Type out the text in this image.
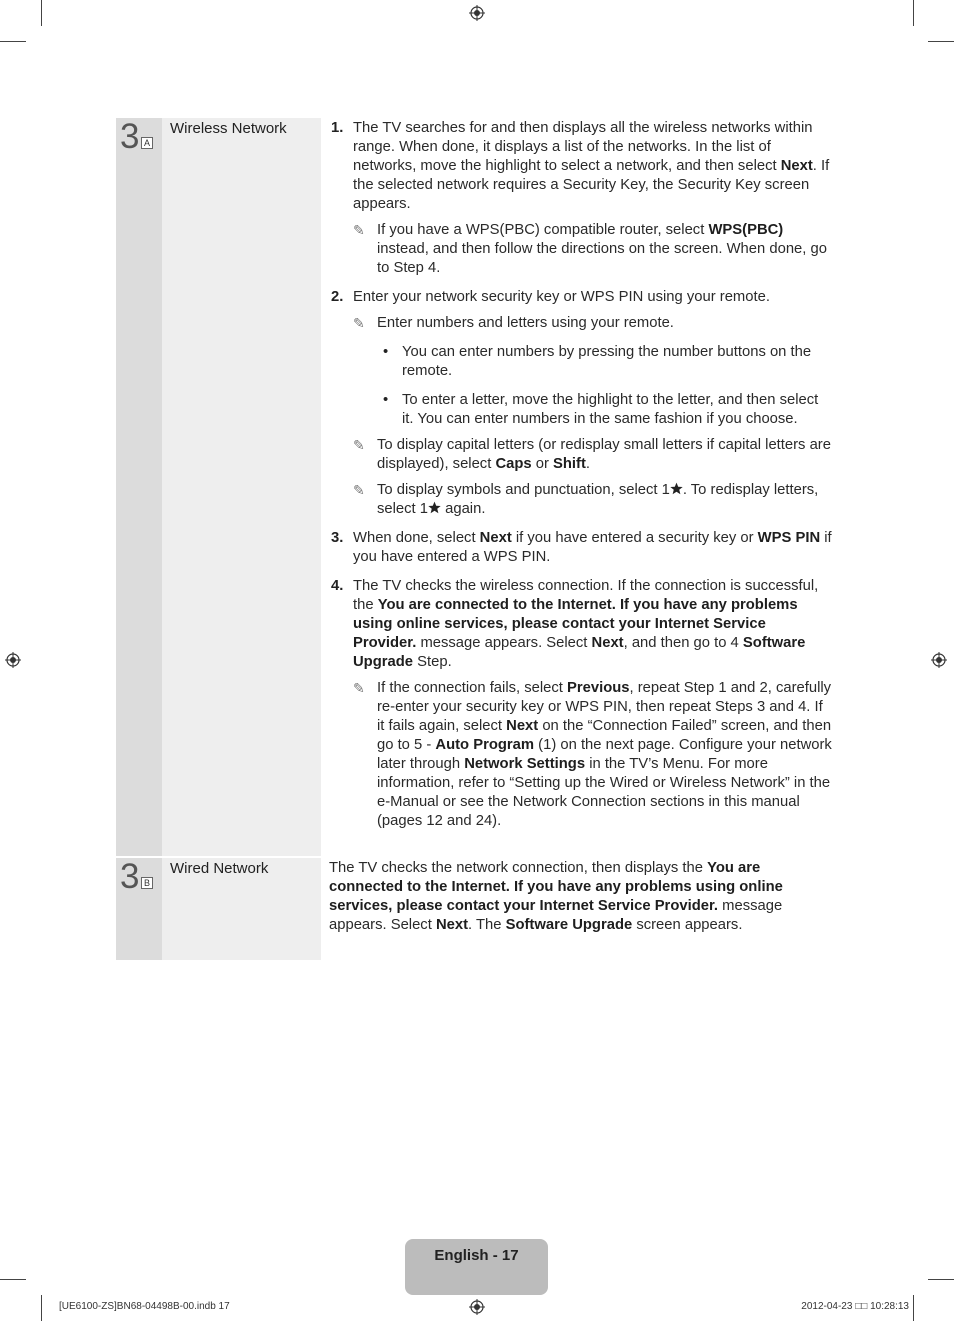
3 A
Wireless Network	1. The TV searches for and then displays all the wireless networks within range. When done, it displays a list of the networks. In the list of networks, move the highlight to select a network, and then select Next. If the selected network requires a Security Key, the Security Key screen appears.
✎ If you have a WPS(PBC) compatible router, select WPS(PBC) instead, and then follow the directions on the screen. When done, go to Step 4.
2. Enter your network security key or WPS PIN using your remote.
✎ Enter numbers and letters using your remote.
• You can enter numbers by pressing the number buttons on the remote.
• To enter a letter, move the highlight to the letter, and then select it. You can enter numbers in the same fashion if you choose.
✎ To display capital letters (or redisplay small letters if capital letters are displayed), select Caps or Shift.
✎ To display symbols and punctuation, select 1 . To redisplay letters, select 1 again.
3. When done, select Next if you have entered a security key or WPS PIN if you have entered a WPS PIN.
4. The TV checks the wireless connection. If the connection is successful, the You are connected to the Internet. If you have any problems using online services, please contact your Internet Service Provider. message appears. Select Next, and then go to 4 Software Upgrade Step.
✎ If the connection fails, select Previous, repeat Step 1 and 2, carefully re-enter your security key or WPS PIN, then repeat Steps 3 and 4. If it fails again, select Next on the “Connection Failed” screen, and then go to 5 - Auto Program (1) on the next page. Configure your network later through Network Settings in the TV’s Menu. For more information, refer to “Setting up the Wired or Wireless Network” in the e-Manual or see the Network Connection sections in this manual (pages 12 and 24).
3 B
Wired Network	The TV checks the network connection, then displays the You are connected to the Internet. If you have any problems using online services, please contact your Internet Service Provider. message appears. Select Next. The Software Upgrade screen appears.
English - 17
[UE6100-ZS]BN68-04498B-00.indb 17	2012-04-23 □□ 10:28:13
